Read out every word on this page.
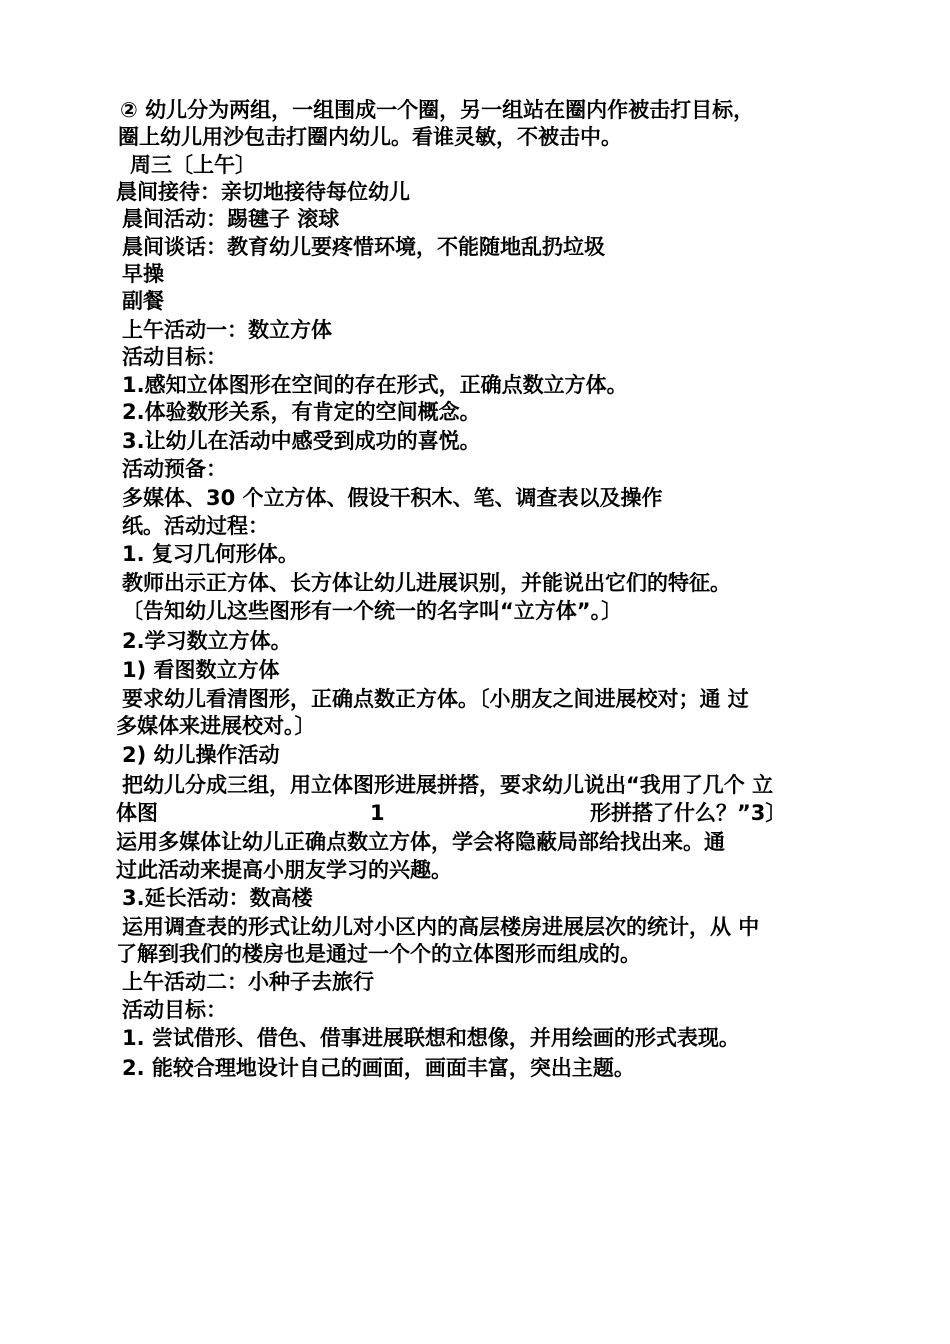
② 幼儿分为两组，一组围成一个圈，另一组站在圈内作被击打目标，
圈上幼儿用沙包击打圈内幼儿。看谁灵敏，不被击中。
周三〔上午〕
晨间接待：亲切地接待每位幼儿
晨间活动：踢毽子 滚球
晨间谈话：教育幼儿要疼惜环境，不能随地乱扔垃圾
早操
副餐
上午活动一：数立方体
活动目标：
1.感知立体图形在空间的存在形式，正确点数立方体。
2.体验数形关系，有肯定的空间概念。
3.让幼儿在活动中感受到成功的喜悦。
活动预备：
多媒体、30 个立方体、假设干积木、笔、调查表以及操作
纸。活动过程：
1. 复习几何形体。
教师出示正方体、长方体让幼儿进展识别，并能说出它们的特征。
〔告知幼儿这些图形有一个统一的名字叫“立方体”。〕
2.学习数立方体。
1) 看图数立方体
要求幼儿看清图形，正确点数正方体。〔小朋友之间进展校对；通 过
多媒体来进展校对。〕
2) 幼儿操作活动
把幼儿分成三组，用立体图形进展拼搭，要求幼儿说出“我用了几个 立
体图	1	形拼搭了什么？”3〕
运用多媒体让幼儿正确点数立方体，学会将隐蔽局部给找出来。通
过此活动来提高小朋友学习的兴趣。
3.延长活动：数高楼
运用调查表的形式让幼儿对小区内的高层楼房进展层次的统计，从 中
了解到我们的楼房也是通过一个个的立体图形而组成的。
上午活动二：小种子去旅行
活动目标：
1. 尝试借形、借色、借事进展联想和想像，并用绘画的形式表现。
2. 能较合理地设计自己的画面，画面丰富，突出主题。
